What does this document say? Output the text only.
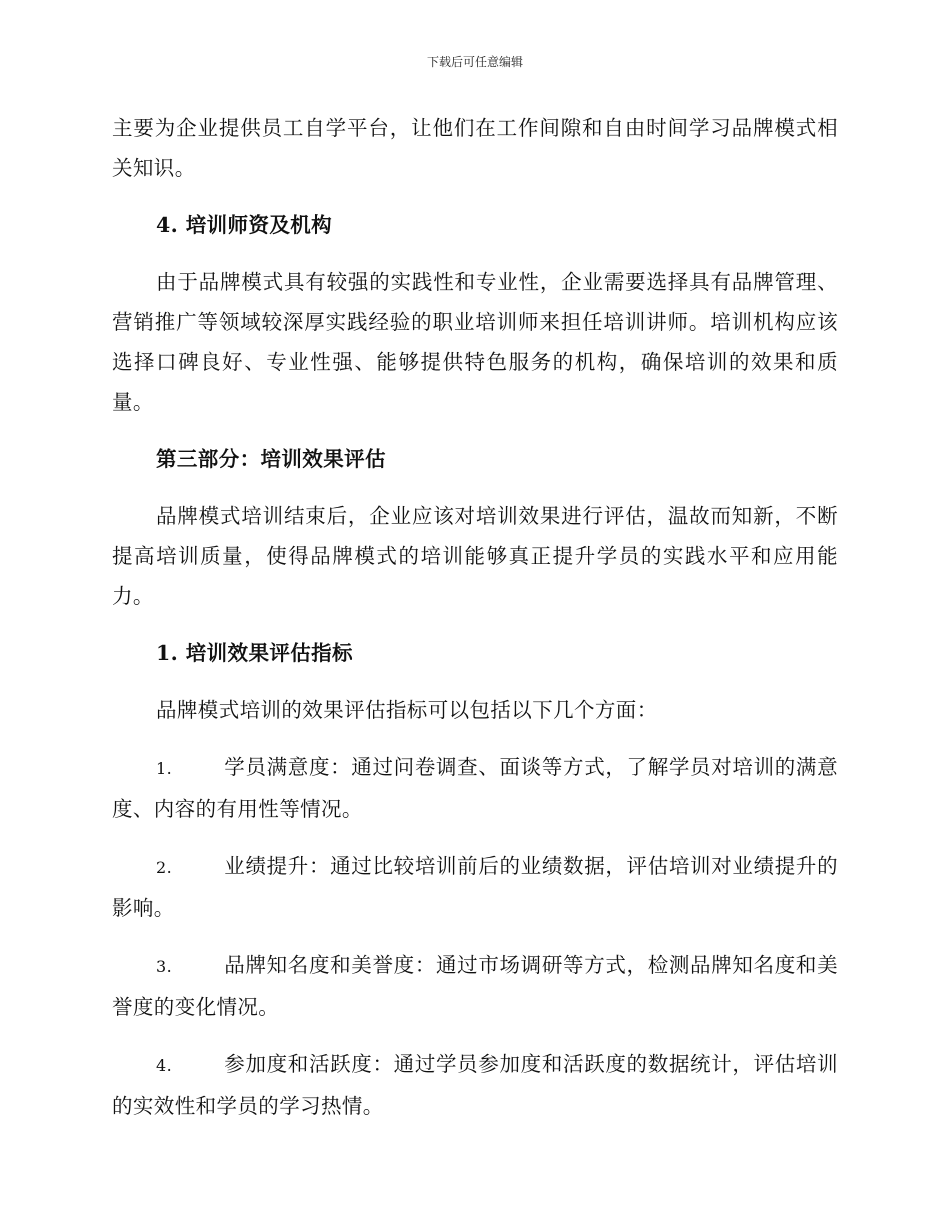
下载后可任意编辑

主要为企业提供员工自学平台，让他们在工作间隙和自由时间学习品牌模式相关知识。

4. 培训师资及机构

由于品牌模式具有较强的实践性和专业性，企业需要选择具有品牌管理、营销推广等领域较深厚实践经验的职业培训师来担任培训讲师。培训机构应该选择口碑良好、专业性强、能够提供特色服务的机构，确保培训的效果和质量。

第三部分：培训效果评估

品牌模式培训结束后，企业应该对培训效果进行评估，温故而知新，不断提高培训质量，使得品牌模式的培训能够真正提升学员的实践水平和应用能力。

1. 培训效果评估指标

品牌模式培训的效果评估指标可以包括以下几个方面：

1.	学员满意度：通过问卷调查、面谈等方式，了解学员对培训的满意度、内容的有用性等情况。
2.	业绩提升：通过比较培训前后的业绩数据，评估培训对业绩提升的影响。
3.	品牌知名度和美誉度：通过市场调研等方式，检测品牌知名度和美誉度的变化情况。
4.	参加度和活跃度：通过学员参加度和活跃度的数据统计，评估培训的实效性和学员的学习热情。
